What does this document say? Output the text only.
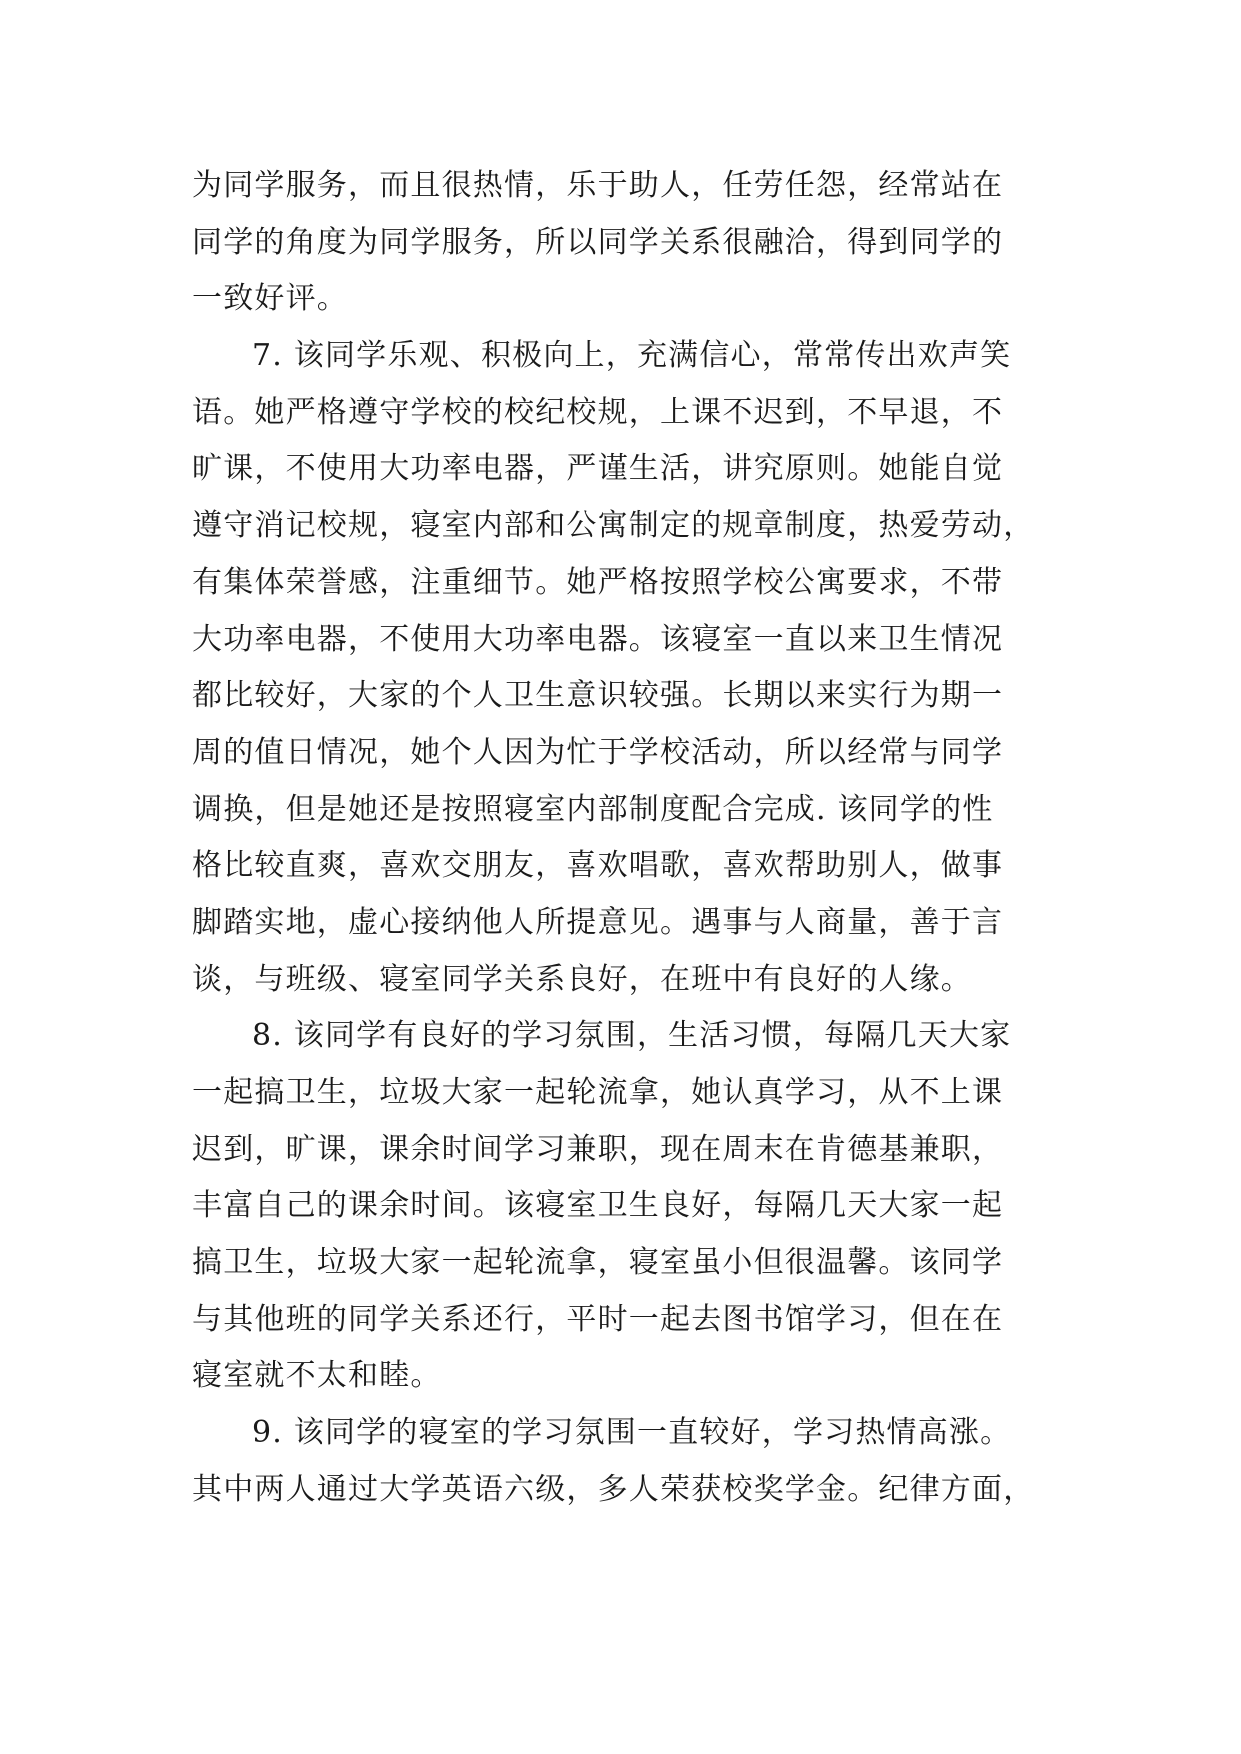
为同学服务，而且很热情，乐于助人，任劳任怨，经常站在
同学的角度为同学服务，所以同学关系很融洽，得到同学的
一致好评。
7. 该同学乐观、积极向上，充满信心，常常传出欢声笑
语。她严格遵守学校的校纪校规，上课不迟到，不早退，不
旷课，不使用大功率电器，严谨生活，讲究原则。她能自觉
遵守消记校规，寝室内部和公寓制定的规章制度，热爱劳动，
有集体荣誉感，注重细节。她严格按照学校公寓要求，不带
大功率电器，不使用大功率电器。该寝室一直以来卫生情况
都比较好，大家的个人卫生意识较强。长期以来实行为期一
周的值日情况，她个人因为忙于学校活动，所以经常与同学
调换，但是她还是按照寝室内部制度配合完成. 该同学的性
格比较直爽，喜欢交朋友，喜欢唱歌，喜欢帮助别人，做事
脚踏实地，虚心接纳他人所提意见。遇事与人商量，善于言
谈，与班级、寝室同学关系良好，在班中有良好的人缘。
8. 该同学有良好的学习氛围，生活习惯，每隔几天大家
一起搞卫生，垃圾大家一起轮流拿，她认真学习，从不上课
迟到，旷课，课余时间学习兼职，现在周末在肯德基兼职，
丰富自己的课余时间。该寝室卫生良好，每隔几天大家一起
搞卫生，垃圾大家一起轮流拿，寝室虽小但很温馨。该同学
与其他班的同学关系还行，平时一起去图书馆学习，但在在
寝室就不太和睦。
9. 该同学的寝室的学习氛围一直较好，学习热情高涨。
其中两人通过大学英语六级，多人荣获校奖学金。纪律方面，
